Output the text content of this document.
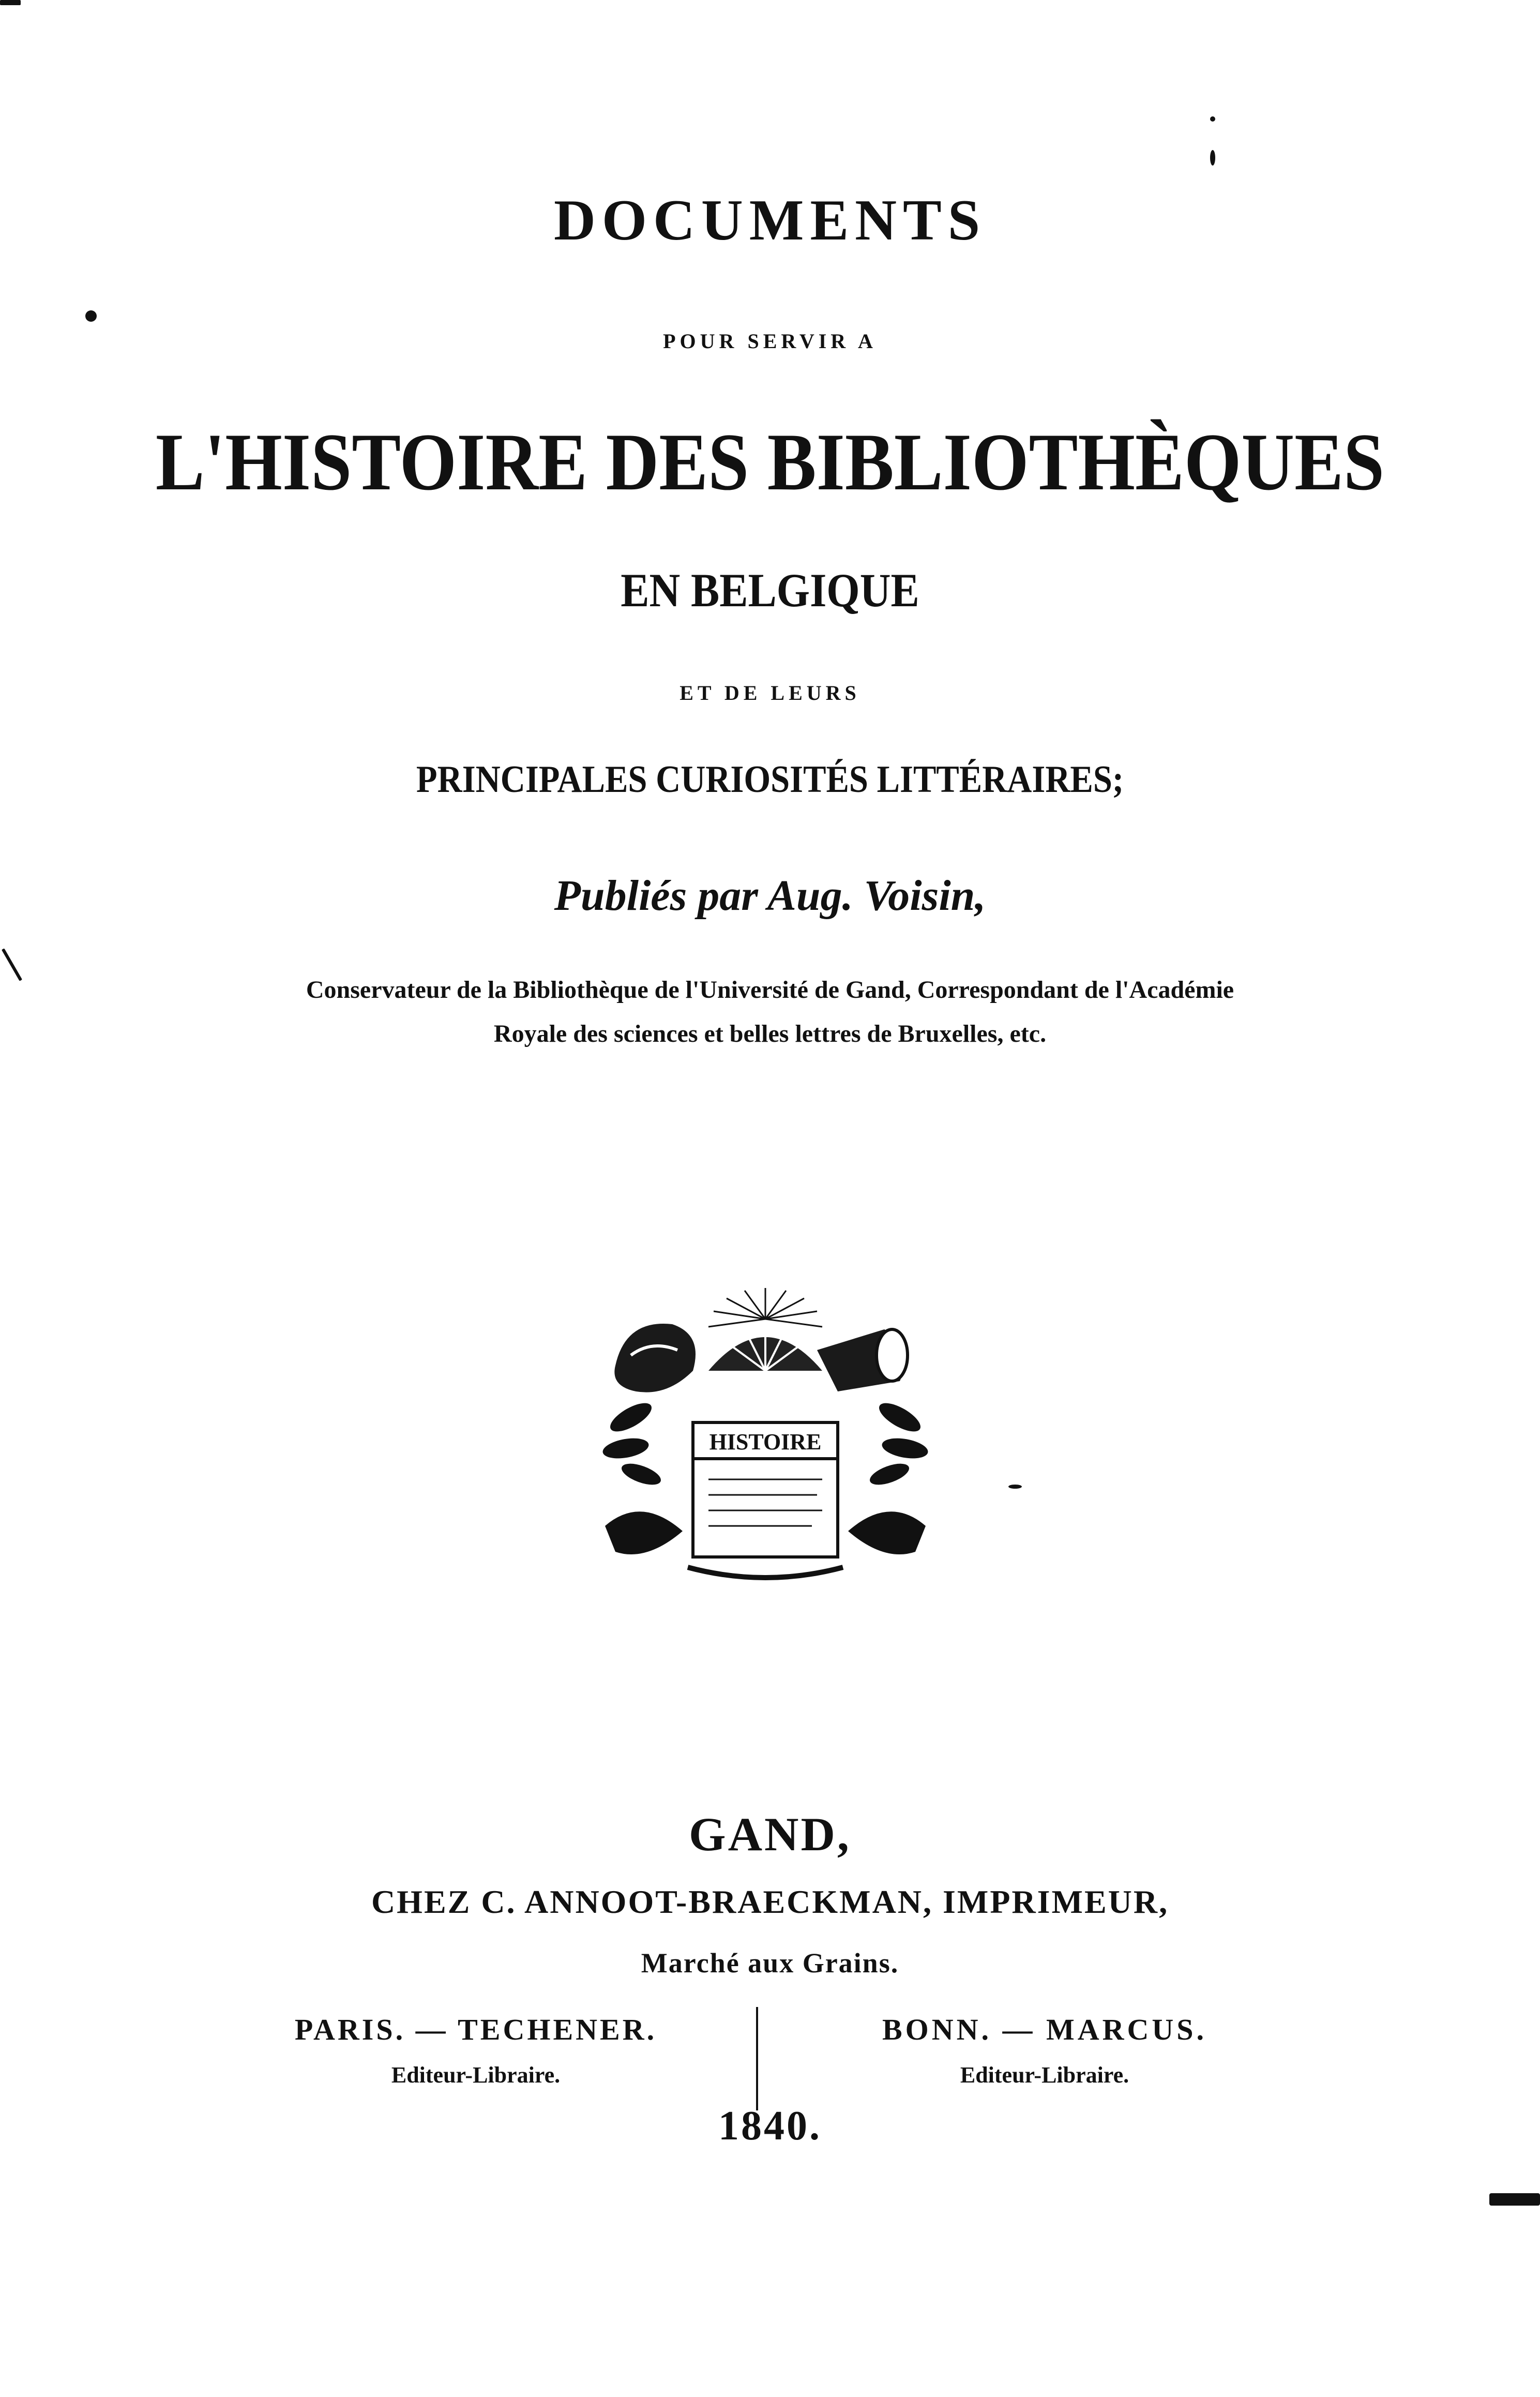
DOCUMENTS
POUR SERVIR A
L'HISTOIRE DES BIBLIOTHÈQUES
EN BELGIQUE
ET DE LEURS
PRINCIPALES CURIOSITÉS LITTÉRAIRES;
Publiés par Aug. Voisin,
Conservateur de la Bibliothèque de l'Université de Gand, Correspondant de l'Académie
Royale des sciences et belles lettres de Bruxelles, etc.
HISTOIRE
GAND,
CHEZ C. ANNOOT-BRAECKMAN, IMPRIMEUR,
Marché aux Grains.
PARIS. — TECHENER.
Editeur-Libraire.
BONN. — MARCUS.
Editeur-Libraire.
1840.
